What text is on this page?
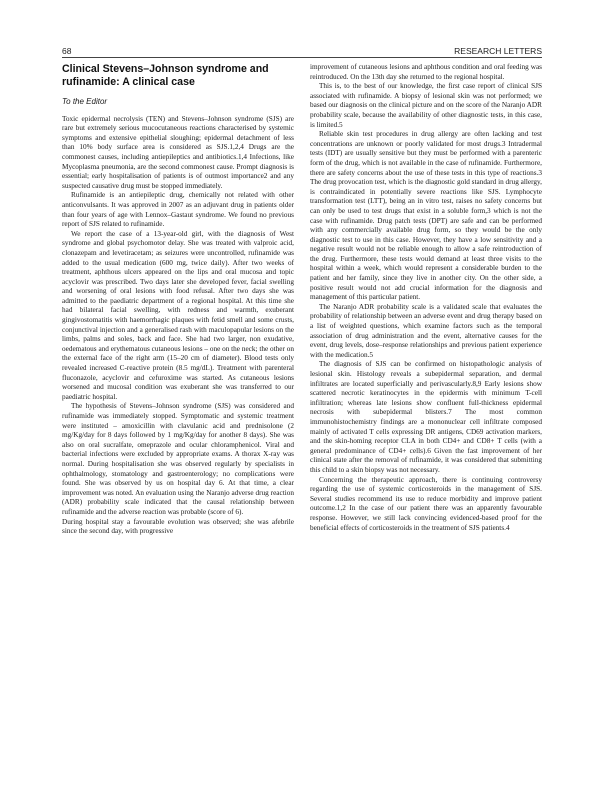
68	RESEARCH LETTERS
Clinical Stevens–Johnson syndrome and rufinamide: A clinical case
To the Editor

Toxic epidermal necrolysis (TEN) and Stevens–Johnson syndrome (SJS) are rare but extremely serious mucocutaneous reactions characterised by systemic symptoms and extensive epithelial sloughing; epidermal detachment of less than 10% body surface area is considered as SJS.1,2,4 Drugs are the commonest causes, including antiepileptics and antibiotics.1,4 Infections, like Mycoplasma pneumonia, are the second commonest cause. Prompt diagnosis is essential; early hospitalisation of patients is of outmost importance2 and any suspected causative drug must be stopped immediately.

Rufinamide is an antiepileptic drug, chemically not related with other anticonvulsants. It was approved in 2007 as an adjuvant drug in patients older than four years of age with Lennox–Gastaut syndrome. We found no previous report of SJS related to rufinamide.

We report the case of a 13-year-old girl, with the diagnosis of West syndrome and global psychomotor delay. She was treated with valproic acid, clonazepam and levetiracetam; as seizures were uncontrolled, rufinamide was added to the usual medication (600 mg, twice daily). After two weeks of treatment, aphthous ulcers appeared on the lips and oral mucosa and topic acyclovir was prescribed. Two days later she developed fever, facial swelling and worsening of oral lesions with food refusal. After two days she was admitted to the paediatric department of a regional hospital. At this time she had bilateral facial swelling, with redness and warmth, exuberant gingivostomatitis with haemorrhagic plaques with fetid smell and some crusts, conjunctival injection and a generalised rash with maculopapular lesions on the limbs, palms and soles, back and face. She had two larger, non exudative, oedematous and erythematous cutaneous lesions – one on the neck; the other on the external face of the right arm (15–20 cm of diameter). Blood tests only revealed increased C-reactive protein (8.5 mg/dL). Treatment with parenteral fluconazole, acyclovir and cefuroxime was started. As cutaneous lesions worsened and mucosal condition was exuberant she was transferred to our paediatric hospital.

The hypothesis of Stevens–Johnson syndrome (SJS) was considered and rufinamide was immediately stopped. Symptomatic and systemic treatment were instituted – amoxicillin with clavulanic acid and prednisolone (2 mg/Kg/day for 8 days followed by 1 mg/Kg/day for another 8 days). She was also on oral sucralfate, omeprazole and ocular chloramphenicol. Viral and bacterial infections were excluded by appropriate exams. A thorax X-ray was normal. During hospitalisation she was observed regularly by specialists in ophthalmology, stomatology and gastroenterology; no complications were found. She was observed by us on hospital day 6. At that time, a clear improvement was noted. An evaluation using the Naranjo adverse drug reaction (ADR) probability scale indicated that the causal relationship between rufinamide and the adverse reaction was probable (score of 6).

During hospital stay a favourable evolution was observed; she was afebrile since the second day, with progressive

improvement of cutaneous lesions and aphthous condition and oral feeding was reintroduced. On the 13th day she returned to the regional hospital.

This is, to the best of our knowledge, the first case report of clinical SJS associated with rufinamide. A biopsy of lesional skin was not performed; we based our diagnosis on the clinical picture and on the score of the Naranjo ADR probability scale, because the availability of other diagnostic tests, in this case, is limited.5

Reliable skin test procedures in drug allergy are often lacking and test concentrations are unknown or poorly validated for most drugs.3 Intradermal tests (IDT) are usually sensitive but they must be performed with a parenteric form of the drug, which is not available in the case of rufinamide. Furthermore, there are safety concerns about the use of these tests in this type of reactions.3 The drug provocation test, which is the diagnostic gold standard in drug allergy, is contraindicated in potentially severe reactions like SJS. Lymphocyte transformation test (LTT), being an in vitro test, raises no safety concerns but can only be used to test drugs that exist in a soluble form,3 which is not the case with rufinamide. Drug patch tests (DPT) are safe and can be performed with any commercially available drug form, so they would be the only diagnostic test to use in this case. However, they have a low sensitivity and a negative result would not be reliable enough to allow a safe reintroduction of the drug. Furthermore, these tests would demand at least three visits to the hospital within a week, which would represent a considerable burden to the patient and her family, since they live in another city. On the other side, a positive result would not add crucial information for the diagnosis and management of this particular patient.

The Naranjo ADR probability scale is a validated scale that evaluates the probability of relationship between an adverse event and drug therapy based on a list of weighted questions, which examine factors such as the temporal association of drug administration and the event, alternative causes for the event, drug levels, dose–response relationships and previous patient experience with the medication.5

The diagnosis of SJS can be confirmed on histopathologic analysis of lesional skin. Histology reveals a subepidermal separation, and dermal infiltrates are located superficially and perivascularly.8,9 Early lesions show scattered necrotic keratinocytes in the epidermis with minimum T-cell infiltration; whereas late lesions show confluent full-thickness epidermal necrosis with subepidermal blisters.7 The most common immunohistochemistry findings are a mononuclear cell infiltrate composed mainly of activated T cells expressing DR antigens, CD69 activation markers, and the skin-homing receptor CLA in both CD4+ and CD8+ T cells (with a general predominance of CD4+ cells).6 Given the fast improvement of her clinical state after the removal of rufinamide, it was considered that submitting this child to a skin biopsy was not necessary.

Concerning the therapeutic approach, there is continuing controversy regarding the use of systemic corticosteroids in the management of SJS. Several studies recommend its use to reduce morbidity and improve patient outcome.1,2 In the case of our patient there was an apparently favourable response. However, we still lack convincing evidenced-based proof for the beneficial effects of corticosteroids in the treatment of SJS patients.4
